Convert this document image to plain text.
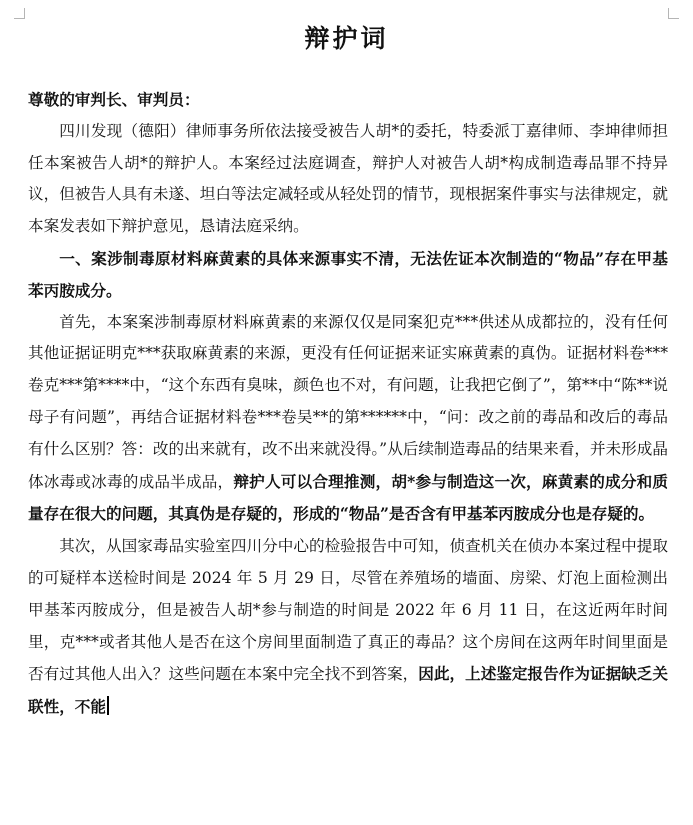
辩护词

尊敬的审判长、审判员：

四川发现（德阳）律师事务所依法接受被告人胡*的委托，特委派丁嘉律师、李坤律师担任本案被告人胡*的辩护人。本案经过法庭调查，辩护人对被告人胡*构成制造毒品罪不持异议，但被告人具有未遂、坦白等法定减轻或从轻处罚的情节，现根据案件事实与法律规定，就本案发表如下辩护意见，恳请法庭采纳。

一、案涉制毒原材料麻黄素的具体来源事实不清，无法佐证本次制造的“物品”存在甲基苯丙胺成分。

首先，本案案涉制毒原材料麻黄素的来源仅仅是同案犯克***供述从成都拉的，没有任何其他证据证明克***获取麻黄素的来源，更没有任何证据来证实麻黄素的真伪。证据材料卷***卷克***第****中，“这个东西有臭味，颜色也不对，有问题，让我把它倒了”，第**中“陈**说母子有问题”，再结合证据材料卷***卷吴**的第******中，“问：改之前的毒品和改后的毒品有什么区别？答：改的出来就有，改不出来就没得。”从后续制造毒品的结果来看，并未形成晶体冰毒或冰毒的成品半成品，辩护人可以合理推测，胡*参与制造这一次，麻黄素的成分和质量存在很大的问题，其真伪是存疑的，形成的“物品”是否含有甲基苯丙胺成分也是存疑的。

其次，从国家毒品实验室四川分中心的检验报告中可知，侦查机关在侦办本案过程中提取的可疑样本送检时间是 2024 年 5 月 29 日，尽管在养殖场的墙面、房梁、灯泡上面检测出甲基苯丙胺成分，但是被告人胡*参与制造的时间是 2022 年 6 月 11 日，在这近两年时间里，克***或者其他人是否在这个房间里面制造了真正的毒品？这个房间在这两年时间里面是否有过其他人出入？这些问题在本案中完全找不到答案，因此，上述鉴定报告作为证据缺乏关联性，不能
